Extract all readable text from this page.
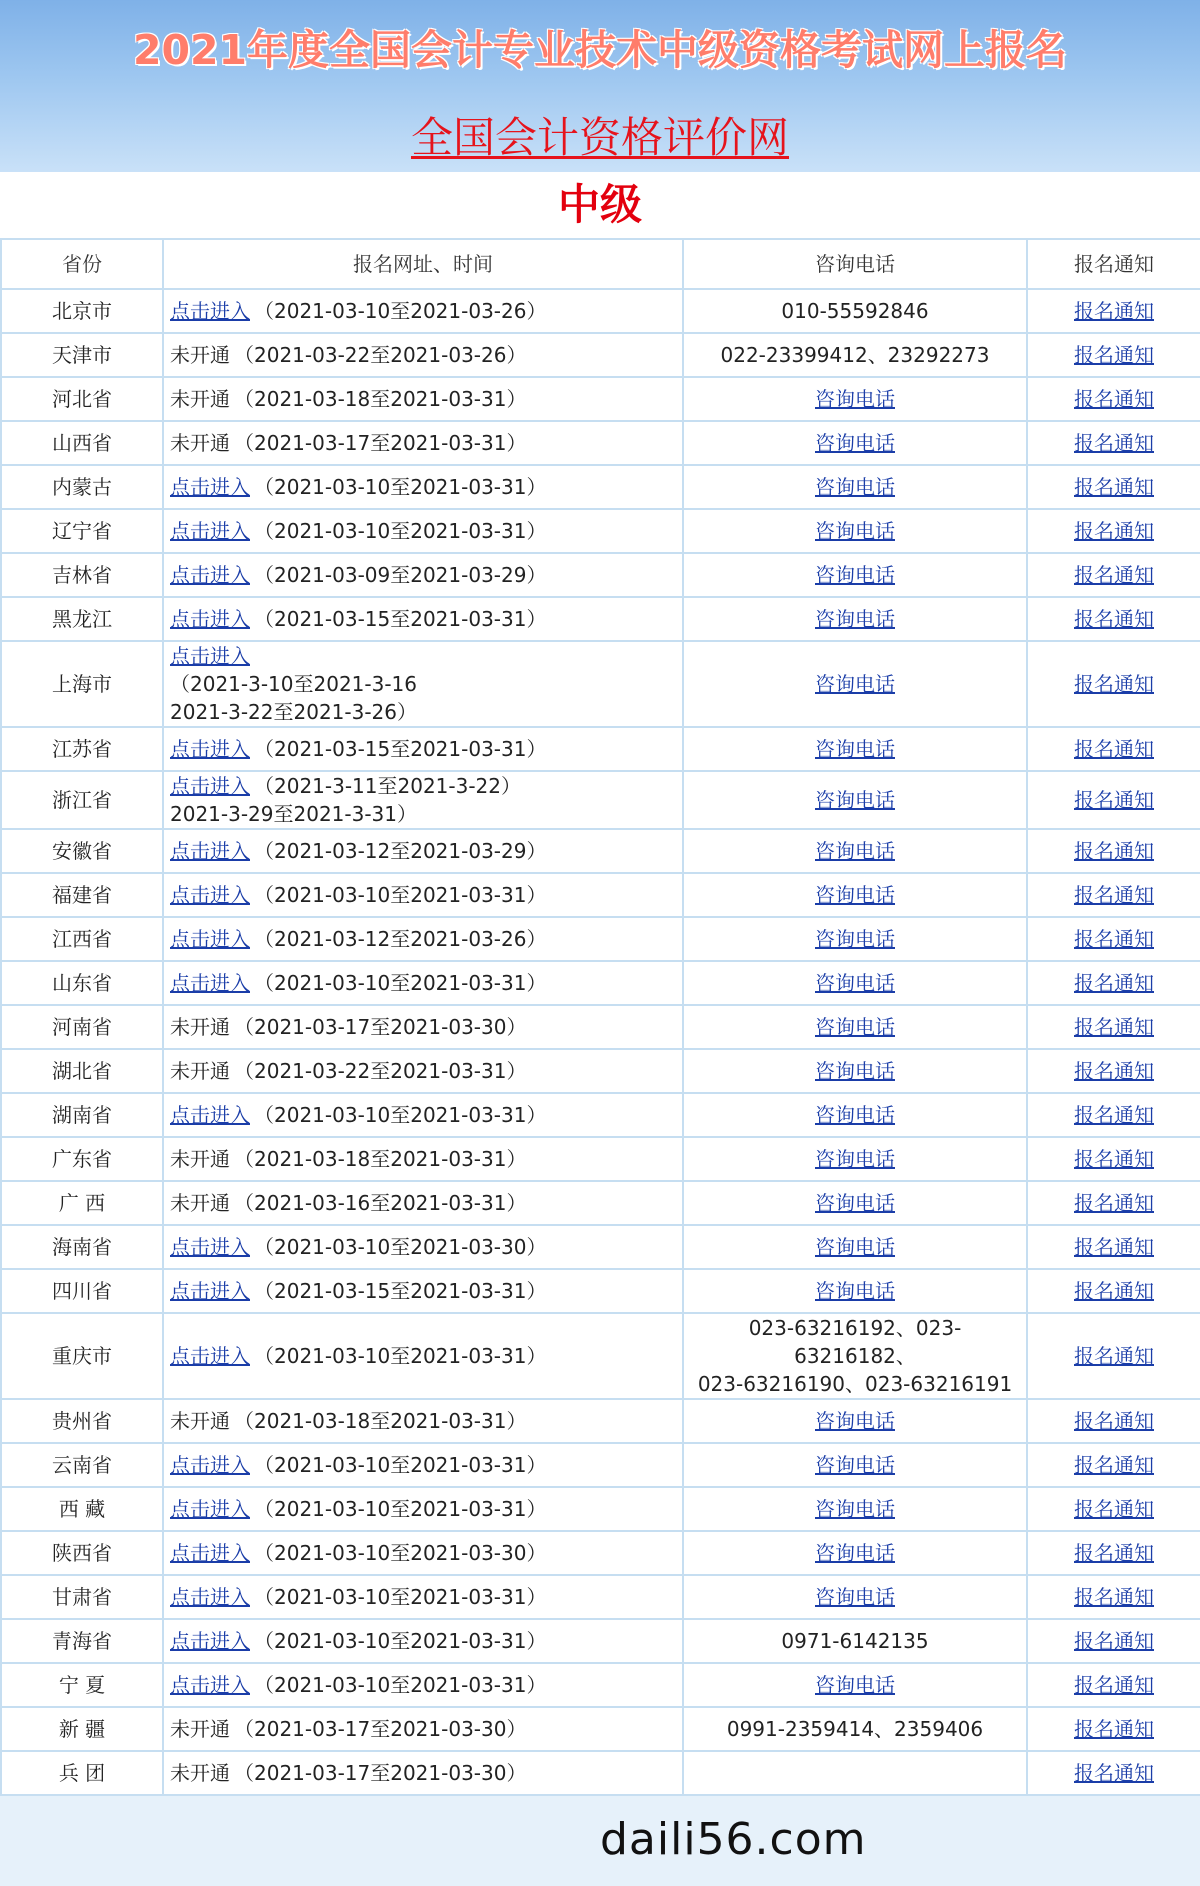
2021年度全国会计专业技术中级资格考试网上报名
全国会计资格评价网
中级
省份	报名网址、时间	咨询电话	报名通知
北京市	点击进入 （2021-03-10至2021-03-26）	010-55592846	报名通知
天津市	未开通 （2021-03-22至2021-03-26）	022-23399412、23292273	报名通知
河北省	未开通 （2021-03-18至2021-03-31）	咨询电话	报名通知
山西省	未开通 （2021-03-17至2021-03-31）	咨询电话	报名通知
内蒙古	点击进入 （2021-03-10至2021-03-31）	咨询电话	报名通知
辽宁省	点击进入 （2021-03-10至2021-03-31）	咨询电话	报名通知
吉林省	点击进入 （2021-03-09至2021-03-29）	咨询电话	报名通知
黑龙江	点击进入 （2021-03-15至2021-03-31）	咨询电话	报名通知
上海市	点击进入
（2021-3-10至2021-3-16
2021-3-22至2021-3-26）	咨询电话	报名通知
江苏省	点击进入 （2021-03-15至2021-03-31）	咨询电话	报名通知
浙江省	点击进入 （2021-3-11至2021-3-22）
2021-3-29至2021-3-31）	咨询电话	报名通知
安徽省	点击进入 （2021-03-12至2021-03-29）	咨询电话	报名通知
福建省	点击进入 （2021-03-10至2021-03-31）	咨询电话	报名通知
江西省	点击进入 （2021-03-12至2021-03-26）	咨询电话	报名通知
山东省	点击进入 （2021-03-10至2021-03-31）	咨询电话	报名通知
河南省	未开通 （2021-03-17至2021-03-30）	咨询电话	报名通知
湖北省	未开通 （2021-03-22至2021-03-31）	咨询电话	报名通知
湖南省	点击进入 （2021-03-10至2021-03-31）	咨询电话	报名通知
广东省	未开通 （2021-03-18至2021-03-31）	咨询电话	报名通知
广 西	未开通 （2021-03-16至2021-03-31）	咨询电话	报名通知
海南省	点击进入 （2021-03-10至2021-03-30）	咨询电话	报名通知
四川省	点击进入 （2021-03-15至2021-03-31）	咨询电话	报名通知
重庆市	点击进入 （2021-03-10至2021-03-31）	023-63216192、023-63216182、
023-63216190、023-63216191	报名通知
贵州省	未开通 （2021-03-18至2021-03-31）	咨询电话	报名通知
云南省	点击进入 （2021-03-10至2021-03-31）	咨询电话	报名通知
西 藏	点击进入 （2021-03-10至2021-03-31）	咨询电话	报名通知
陕西省	点击进入 （2021-03-10至2021-03-30）	咨询电话	报名通知
甘肃省	点击进入 （2021-03-10至2021-03-31）	咨询电话	报名通知
青海省	点击进入 （2021-03-10至2021-03-31）	0971-6142135	报名通知
宁 夏	点击进入 （2021-03-10至2021-03-31）	咨询电话	报名通知
新 疆	未开通 （2021-03-17至2021-03-30）	0991-2359414、2359406	报名通知
兵 团	未开通 （2021-03-17至2021-03-30）		报名通知
daili56.com
